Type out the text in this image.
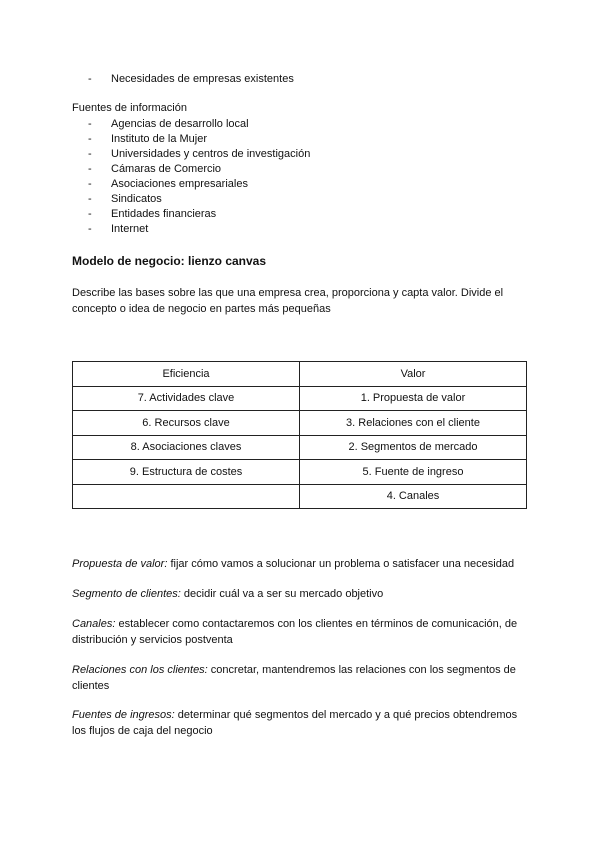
- Necesidades de empresas existentes
Fuentes de información
- Agencias de desarrollo local
- Instituto de la Mujer
- Universidades y centros de investigación
- Cámaras de Comercio
- Asociaciones empresariales
- Sindicatos
- Entidades financieras
- Internet
Modelo de negocio: lienzo canvas
Describe las bases sobre las que una empresa crea, proporciona y capta valor. Divide el concepto o idea de negocio en partes más pequeñas
Eficiencia	Valor
7. Actividades clave	1. Propuesta de valor
6. Recursos clave	3. Relaciones con el cliente
8. Asociaciones claves	2. Segmentos de mercado
9. Estructura de costes	5. Fuente de ingreso
	4. Canales
Propuesta de valor: fijar cómo vamos a solucionar un problema o satisfacer una necesidad
Segmento de clientes: decidir cuál va a ser su mercado objetivo
Canales: establecer como contactaremos con los clientes en términos de comunicación, de distribución y servicios postventa
Relaciones con los clientes: concretar, mantendremos las relaciones con los segmentos de clientes
Fuentes de ingresos: determinar qué segmentos del mercado y a qué precios obtendremos los flujos de caja del negocio
